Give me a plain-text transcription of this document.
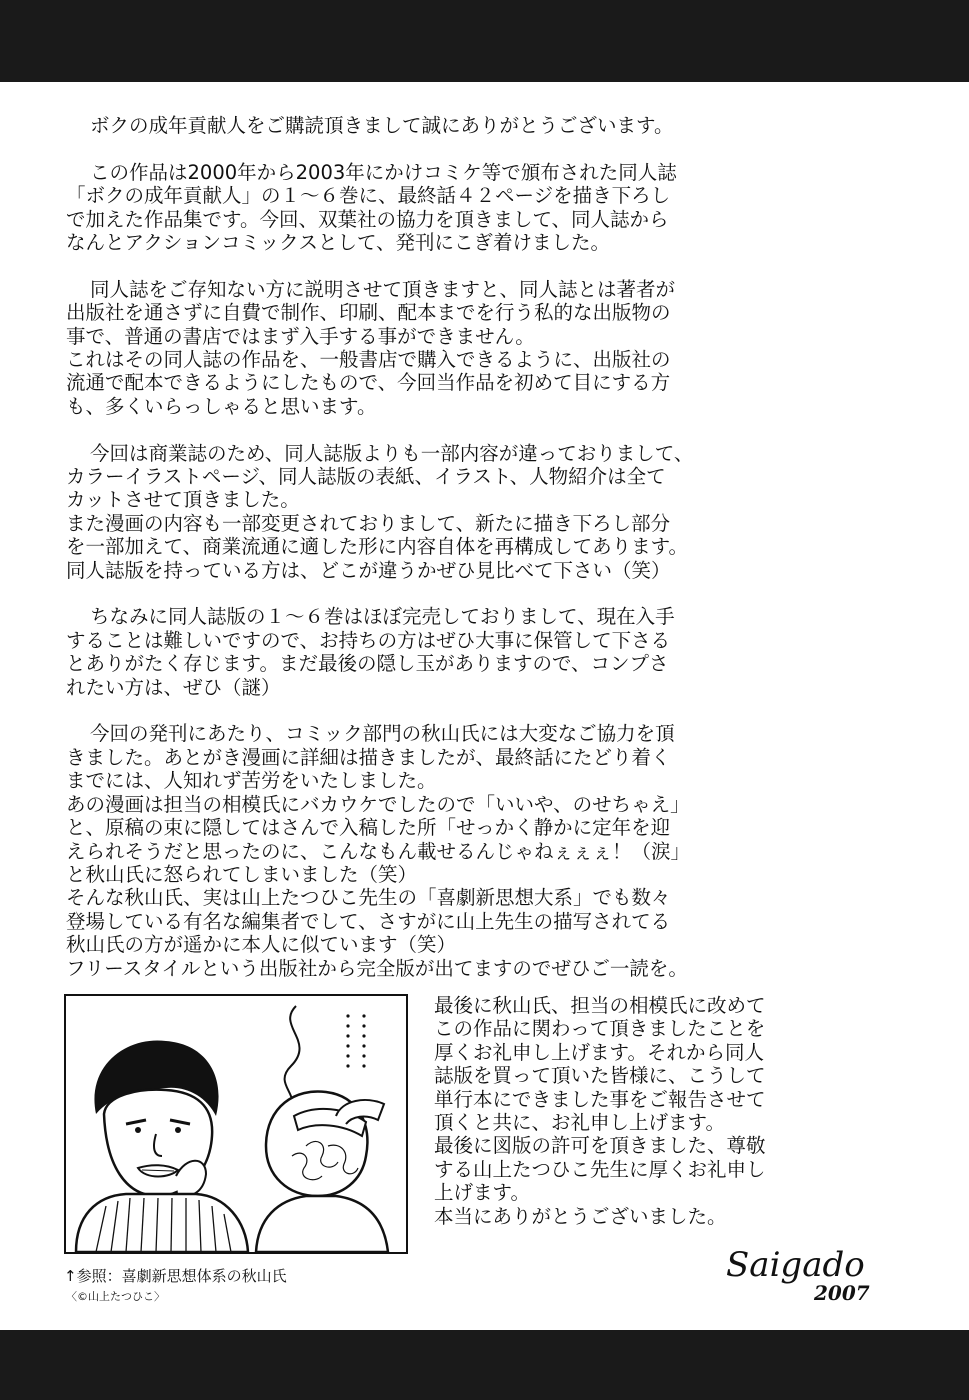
ボクの成年貢献人をご購読頂きまして誠にありがとうございます。
この作品は2000年から2003年にかけコミケ等で頒布された同人誌
「ボクの成年貢献人」の１～６巻に、最終話４２ページを描き下ろし
で加えた作品集です。今回、双葉社の協力を頂きまして、同人誌から
なんとアクションコミックスとして、発刊にこぎ着けました。
同人誌をご存知ない方に説明させて頂きますと、同人誌とは著者が
出版社を通さずに自費で制作、印刷、配本までを行う私的な出版物の
事で、普通の書店ではまず入手する事ができません。
これはその同人誌の作品を、一般書店で購入できるように、出版社の
流通で配本できるようにしたもので、今回当作品を初めて目にする方
も、多くいらっしゃると思います。
今回は商業誌のため、同人誌版よりも一部内容が違っておりまして、
カラーイラストページ、同人誌版の表紙、イラスト、人物紹介は全て
カットさせて頂きました。
また漫画の内容も一部変更されておりまして、新たに描き下ろし部分
を一部加えて、商業流通に適した形に内容自体を再構成してあります。
同人誌版を持っている方は、どこが違うかぜひ見比べて下さい（笑）
ちなみに同人誌版の１～６巻はほぼ完売しておりまして、現在入手
することは難しいですので、お持ちの方はぜひ大事に保管して下さる
とありがたく存じます。まだ最後の隠し玉がありますので、コンプさ
れたい方は、ぜひ（謎）
今回の発刊にあたり、コミック部門の秋山氏には大変なご協力を頂
きました。あとがき漫画に詳細は描きましたが、最終話にたどり着く
までには、人知れず苦労をいたしました。
あの漫画は担当の相模氏にバカウケでしたので「いいや、のせちゃえ」
と、原稿の束に隠してはさんで入稿した所「せっかく静かに定年を迎
えられそうだと思ったのに、こんなもん載せるんじゃねぇぇぇ！（涙」
と秋山氏に怒られてしまいました（笑）
そんな秋山氏、実は山上たつひこ先生の「喜劇新思想大系」でも数々
登場している有名な編集者でして、さすがに山上先生の描写されてる
秋山氏の方が遥かに本人に似ています（笑）
フリースタイルという出版社から完全版が出てますのでぜひご一読を。
↑参照：喜劇新思想体系の秋山氏
〈©山上たつひこ〉
最後に秋山氏、担当の相模氏に改めて
この作品に関わって頂きましたことを
厚くお礼申し上げます。それから同人
誌版を買って頂いた皆様に、こうして
単行本にできました事をご報告させて
頂くと共に、お礼申し上げます。
最後に図版の許可を頂きました、尊敬
する山上たつひこ先生に厚くお礼申し
上げます。
本当にありがとうございました。
Saigado
2007
